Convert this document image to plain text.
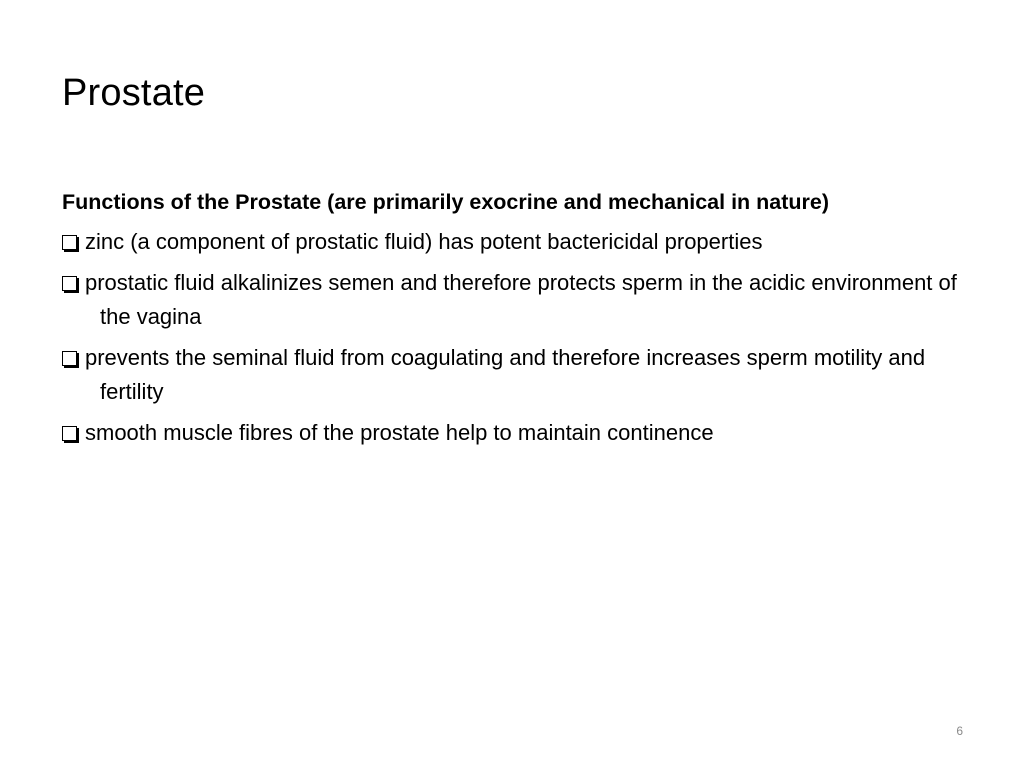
Prostate

Functions of the Prostate (are primarily exocrine and mechanical in nature)

zinc (a component of prostatic fluid) has potent bactericidal properties
prostatic fluid alkalinizes semen and therefore protects sperm in the acidic environment of the vagina
prevents the seminal fluid from coagulating and therefore increases sperm motility and fertility
smooth muscle fibres of the prostate help to maintain continence
6
